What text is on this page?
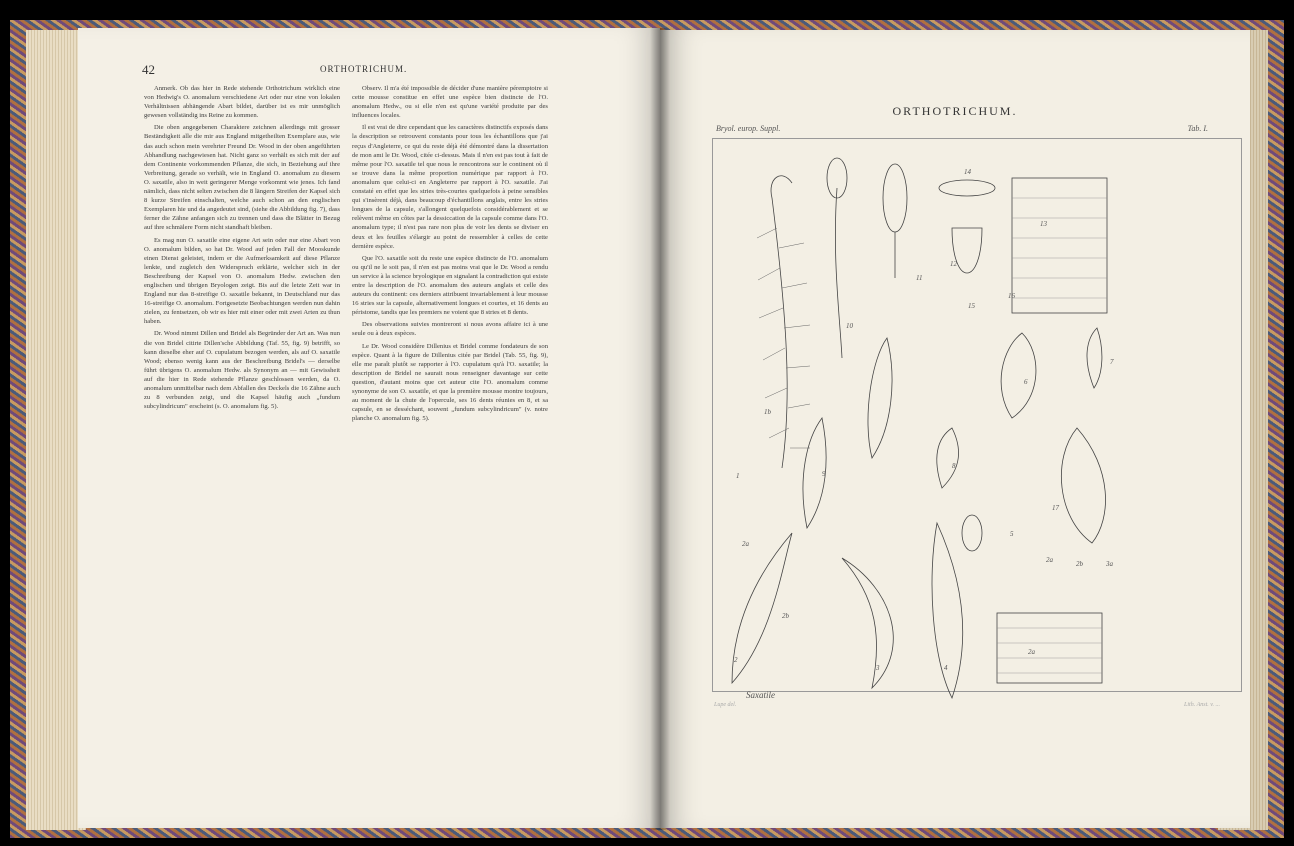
ORTHOTRICHUM.
Bryol. europ. Suppl.	Tab. I.
Saxatile
Lupe del.	Lith. Anst. v. ...
42	ORTHOTRICHUM.

Anmerk. Ob das hier in Rede stehende Orthotrichum wirklich eine von Hedwig's O. anomalum verschiedene Art oder nur eine von lokalen Verhältnissen abhängende Abart bildet, darüber ist es mir unmöglich gewesen vollständig ins Reine zu kommen.

Die oben angegebenen Charaktere zeichnen allerdings mit grosser Beständigkeit alle die mir aus England mitgetheilten Exemplare aus, wie das auch schon mein verehrter Freund Dr. Wood in der oben angeführten Abhandlung nachgewiesen hat. Nicht ganz so verhält es sich mit der auf dem Continente vorkommenden Pflanze, die sich, in Beziehung auf ihre Verbreitung, gerade so verhält, wie in England O. anomalum zu diesem O. saxatile, also in weit geringerer Menge vorkommt wie jenes. Ich fand nämlich, dass nicht selten zwischen die 8 längern Streifen der Kapsel sich 8 kurze Streifen einschalten, welche auch schon an den englischen Exemplaren hie und da angedeutet sind, (siehe die Abbildung fig. 7), dass ferner die Zähne anfangen sich zu trennen und dass die Blätter in Bezug auf ihre schmälere Form nicht standhaft bleiben.

Es mag nun O. saxatile eine eigene Art sein oder nur eine Abart von O. anomalum bilden, so hat Dr. Wood auf jeden Fall der Mooskunde einen Dienst geleistet, indem er die Aufmerksamkeit auf diese Pflanze lenkte, und zugleich den Widerspruch erklärte, welcher sich in der Beschreibung der Kapsel von O. anomalum Hedw. zwischen den englischen und übrigen Bryologen zeigt. Bis auf die letzte Zeit war in England nur das 8-streifige O. saxatile bekannt, in Deutschland nur das 16-streifige O. anomalum. Fortgesetzte Beobachtungen werden nun dahin zielen, zu fentsetzen, ob wir es hier mit einer oder mit zwei Arten zu thun haben.

Dr. Wood nimmt Dillen und Bridel als Begründer der Art an. Was nun die von Bridel citirte Dillen'sche Abbildung (Taf. 55, fig. 9) betrifft, so kann dieselbe eher auf O. cupulatum bezogen werden, als auf O. saxatile Wood; ebenso wenig kann aus der Beschreibung Bridel's — derselbe führt übrigens O. anomalum Hedw. als Synonym an — mit Gewissheit auf die hier in Rede stehende Pflanze geschlossen werden, da O. anomalum unmittelbar nach dem Abfallen des Deckels die 16 Zähne auch zu 8 verbunden zeigt, und die Kapsel häufig auch „fundum subcylindricum" erscheint (s. O. anomalum fig. 5).

Observ. Il m'a été impossible de décider d'une manière péremptoire si cette mousse constitue en effet une espèce bien distincte de l'O. anomalum Hedw., ou si elle n'en est qu'une variété produite par des influences locales.

Il est vrai de dire cependant que les caractères distinctifs exposés dans la description se retrouvent constants pour tous les échantillons que j'ai reçus d'Angleterre, ce qui du reste déjà été démontré dans la dissertation de mon ami le Dr. Wood, citée ci-dessus. Mais il n'en est pas tout à fait de même pour l'O. saxatile tel que nous le rencontrons sur le continent où il se trouve dans la même proportion numérique par rapport à l'O. anomalum que celui-ci en Angleterre par rapport à l'O. saxatile. J'ai constaté en effet que les stries très-courtes quelquefois à peine sensibles qui s'insèrent déjà, dans beaucoup d'échantillons anglais, entre les stries longues de la capsule, s'allongent quelquefois considérablement et se relèvent même en côtes par la dessiccation de la capsule comme dans l'O. anomalum type; il n'est pas rare non plus de voir les dents se diviser en deux et les feuilles s'élargir au point de ressembler à celles de cette dernière espèce.

Que l'O. saxatile soit du reste une espèce distincte de l'O. anomalum ou qu'il ne le soit pas, il n'en est pas moins vrai que le Dr. Wood a rendu un service à la science bryologique en signalant la contradiction qui existe entre la description de l'O. anomalum des auteurs anglais et celle des auteurs du continent: ces derniers attribuent invariablement à leur mousse 16 stries sur la capsule, alternativement longues et courtes, et 16 dents au péristome, tandis que les premiers ne voient que 8 stries et 8 dents.

Des observations suivies montreront si nous avons affaire ici à une seule ou à deux espèces.

Le Dr. Wood considère Dillenius et Bridel comme fondateurs de son espèce. Quant à la figure de Dillenius citée par Bridel (Tab. 55, fig. 9), elle me paraît plutôt se rapporter à l'O. cupulatum qu'à l'O. saxatile; la description de Bridel ne saurait nous renseigner davantage sur cette question, d'autant moins que cet auteur cite l'O. anomalum comme synonyme de son O. saxatile, et que la première mousse montre toujours, au moment de la chute de l'opercule, ses 16 dents réunies en 8, et sa capsule, en se desséchant, souvent „fundum subcylindricum" (v. notre planche O. anomalum fig. 5).

1
1b
2
2a
2b
3	4
5
6
7
8
9
10
11
12
13
14
15
16
17
2a	2b
2a
3a
